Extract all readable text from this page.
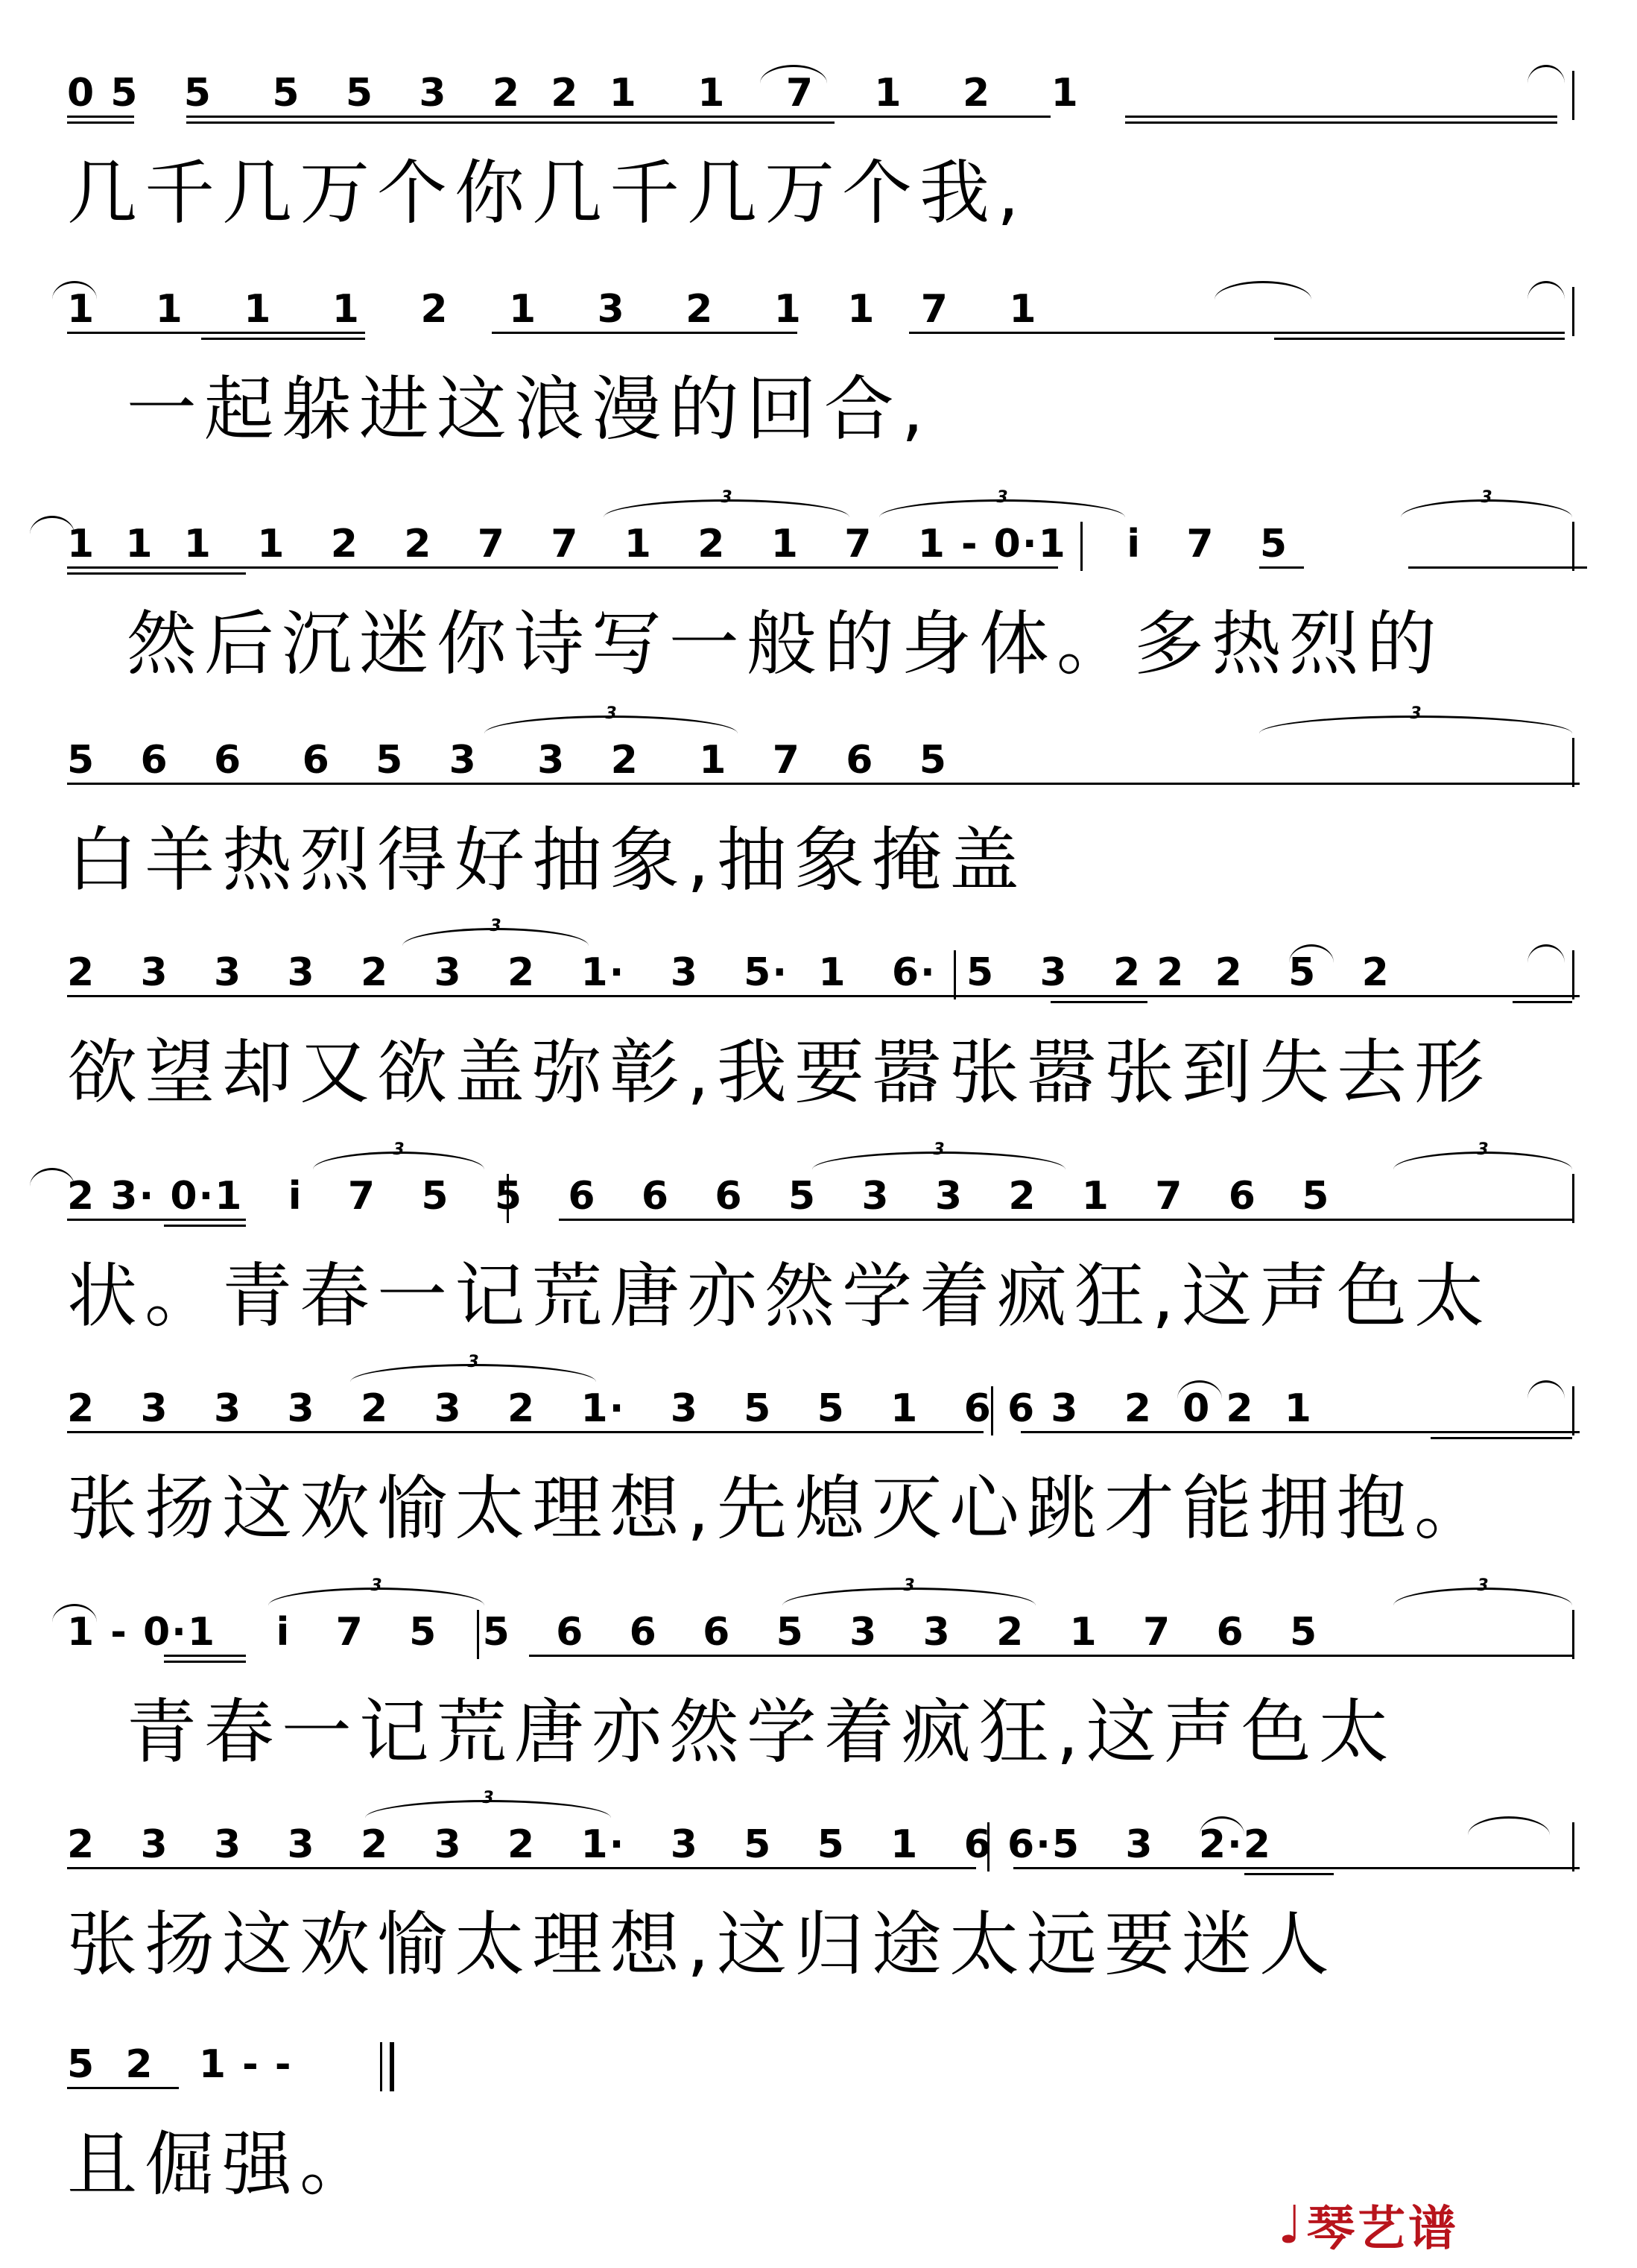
0 5   5    5   5   3   2  2  1    1    7    1    2    1
几千几万个你几千几万个我,
1    1    1    1    2    1    3    2    1   1   7    1
一起躲进这浪漫的回合,
1  1  1   1   2   2   7   7   1   2   1   7   1 - 0·1    i   7   5
3	3	3
然后沉迷你诗写一般的身体。多热烈的
5   6   6    6   5   3    3   2    1   7   6   5
3	3
白羊热烈得好抽象,抽象掩盖
2   3   3   3   2   3   2   1·   3   5·  1   6·  5   3   2 2  2   5   2
3
欲望却又欲盖弥彰,我要嚣张嚣张到失去形
2 3· 0·1   i   7   5   5   6   6   6   5   3   3   2   1   7   6   5
3	3	3
状。青春一记荒唐亦然学着疯狂,这声色太
2   3   3   3   2   3   2   1·   3   5   5   1   6 6 3   2  0 2  1
3
张扬这欢愉太理想,先熄灭心跳才能拥抱。
1 - 0·1    i   7   5   5   6   6   6   5   3   3   2   1   7   6   5
3	3	3
青春一记荒唐亦然学着疯狂,这声色太
2   3   3   3   2   3   2   1·   3   5   5   1   6 6·5   3   2·2
3
张扬这欢愉太理想,这归途太远要迷人
5  2   1 - -
且倔强。
♩ 琴艺谱
